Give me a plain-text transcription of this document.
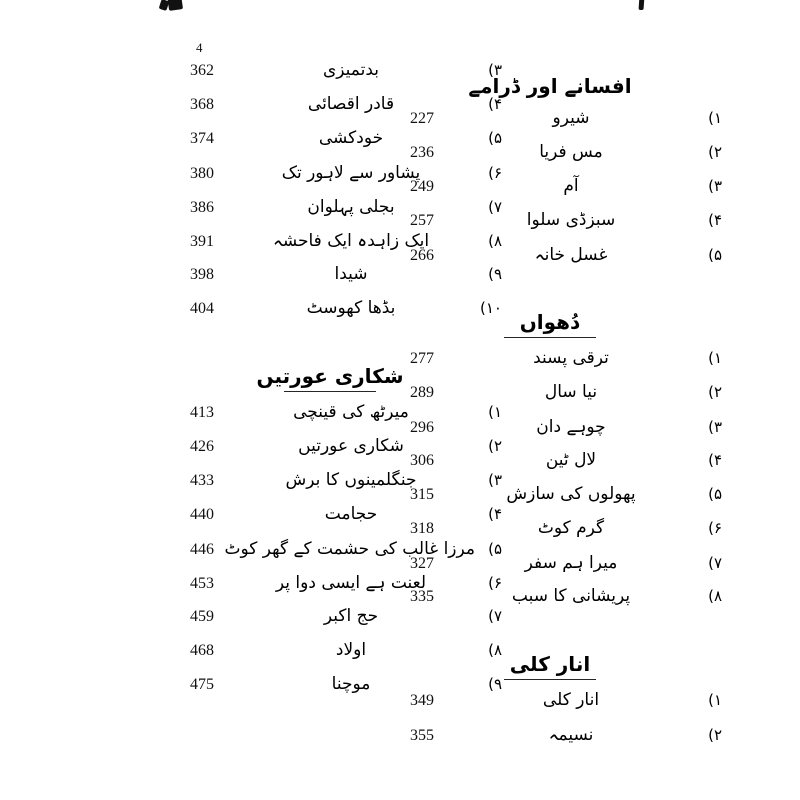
4
افسانے اور ڈرامے
227	شیرو	۱)
236	مس فریا	۲)
249	آم	۳)
257	سبزڈی سلوا	۴)
266	غسل خانہ	۵)
دُھواں
277	ترقی پسند	۱)
289	نیا سال	۲)
296	چوہے دان	۳)
306	لال ٹین	۴)
315	پھولوں کی سازش	۵)
318	گرم کوٹ	۶)
327	میرا ہم سفر	۷)
335	پریشانی کا سبب	۸)
انار کلی
349	انار کلی	۱)
355	نسیمہ	۲)
362	بدتمیزی	۳)
368	قادر اقصائی	۴)
374	خودکشی	۵)
380	پشاور سے لاہور تک	۶)
386	بجلی پہلوان	۷)
391	ایک زاہدہ ایک فاحشہ	۸)
398	شیدا	۹)
404	بڈھا کھوسٹ	۱۰)
شکاری عورتیں
413	میرٹھ کی قینچی	۱)
426	شکاری عورتیں	۲)
433	جنگلمینوں کا برش	۳)
440	حجامت	۴)
446 مرزا غالب کی حشمت کے گھر کوٹ ۵)
453	لعنت ہے ایسی دوا پر	۶)
459	حج اکبر	۷)
468	اولاد	۸)
475	موچنا	۹)
